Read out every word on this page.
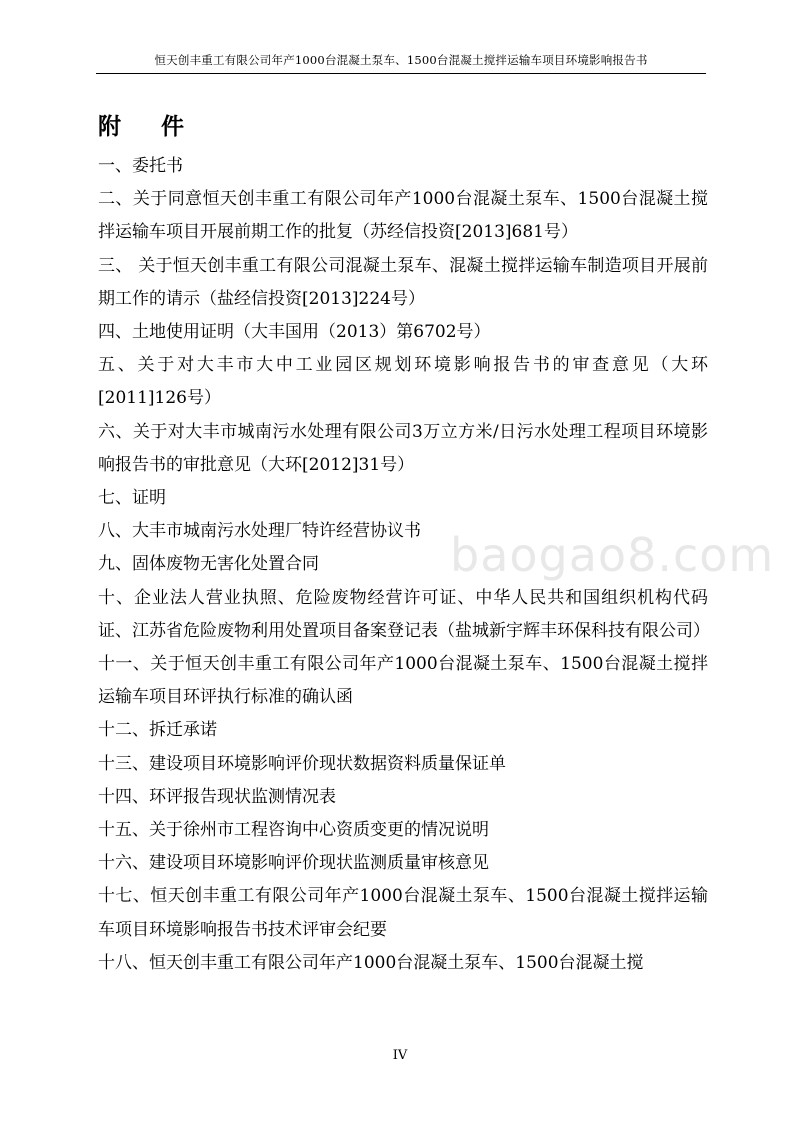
恒天创丰重工有限公司年产1000台混凝土泵车、1500台混凝土搅拌运输车项目环境影响报告书
附 件

一、委托书

二、关于同意恒天创丰重工有限公司年产1000台混凝土泵车、1500台混凝土搅拌运输车项目开展前期工作的批复（苏经信投资[2013]681号）

三、 关于恒天创丰重工有限公司混凝土泵车、混凝土搅拌运输车制造项目开展前期工作的请示（盐经信投资[2013]224号）

四、土地使用证明（大丰国用（2013）第6702号）

五、关于对大丰市大中工业园区规划环境影响报告书的审查意见（大环[2011]126号）

六、关于对大丰市城南污水处理有限公司3万立方米/日污水处理工程项目环境影响报告书的审批意见（大环[2012]31号）

七、证明

八、大丰市城南污水处理厂特许经营协议书

九、固体废物无害化处置合同

十、企业法人营业执照、危险废物经营许可证、中华人民共和国组织机构代码证、江苏省危险废物利用处置项目备案登记表（盐城新宇辉丰环保科技有限公司）

十一、关于恒天创丰重工有限公司年产1000台混凝土泵车、1500台混凝土搅拌运输车项目环评执行标准的确认函

十二、拆迁承诺

十三、建设项目环境影响评价现状数据资料质量保证单

十四、环评报告现状监测情况表

十五、关于徐州市工程咨询中心资质变更的情况说明

十六、建设项目环境影响评价现状监测质量审核意见

十七、恒天创丰重工有限公司年产1000台混凝土泵车、1500台混凝土搅拌运输车项目环境影响报告书技术评审会纪要

十八、恒天创丰重工有限公司年产1000台混凝土泵车、1500台混凝土搅

baogao8.com
IV
